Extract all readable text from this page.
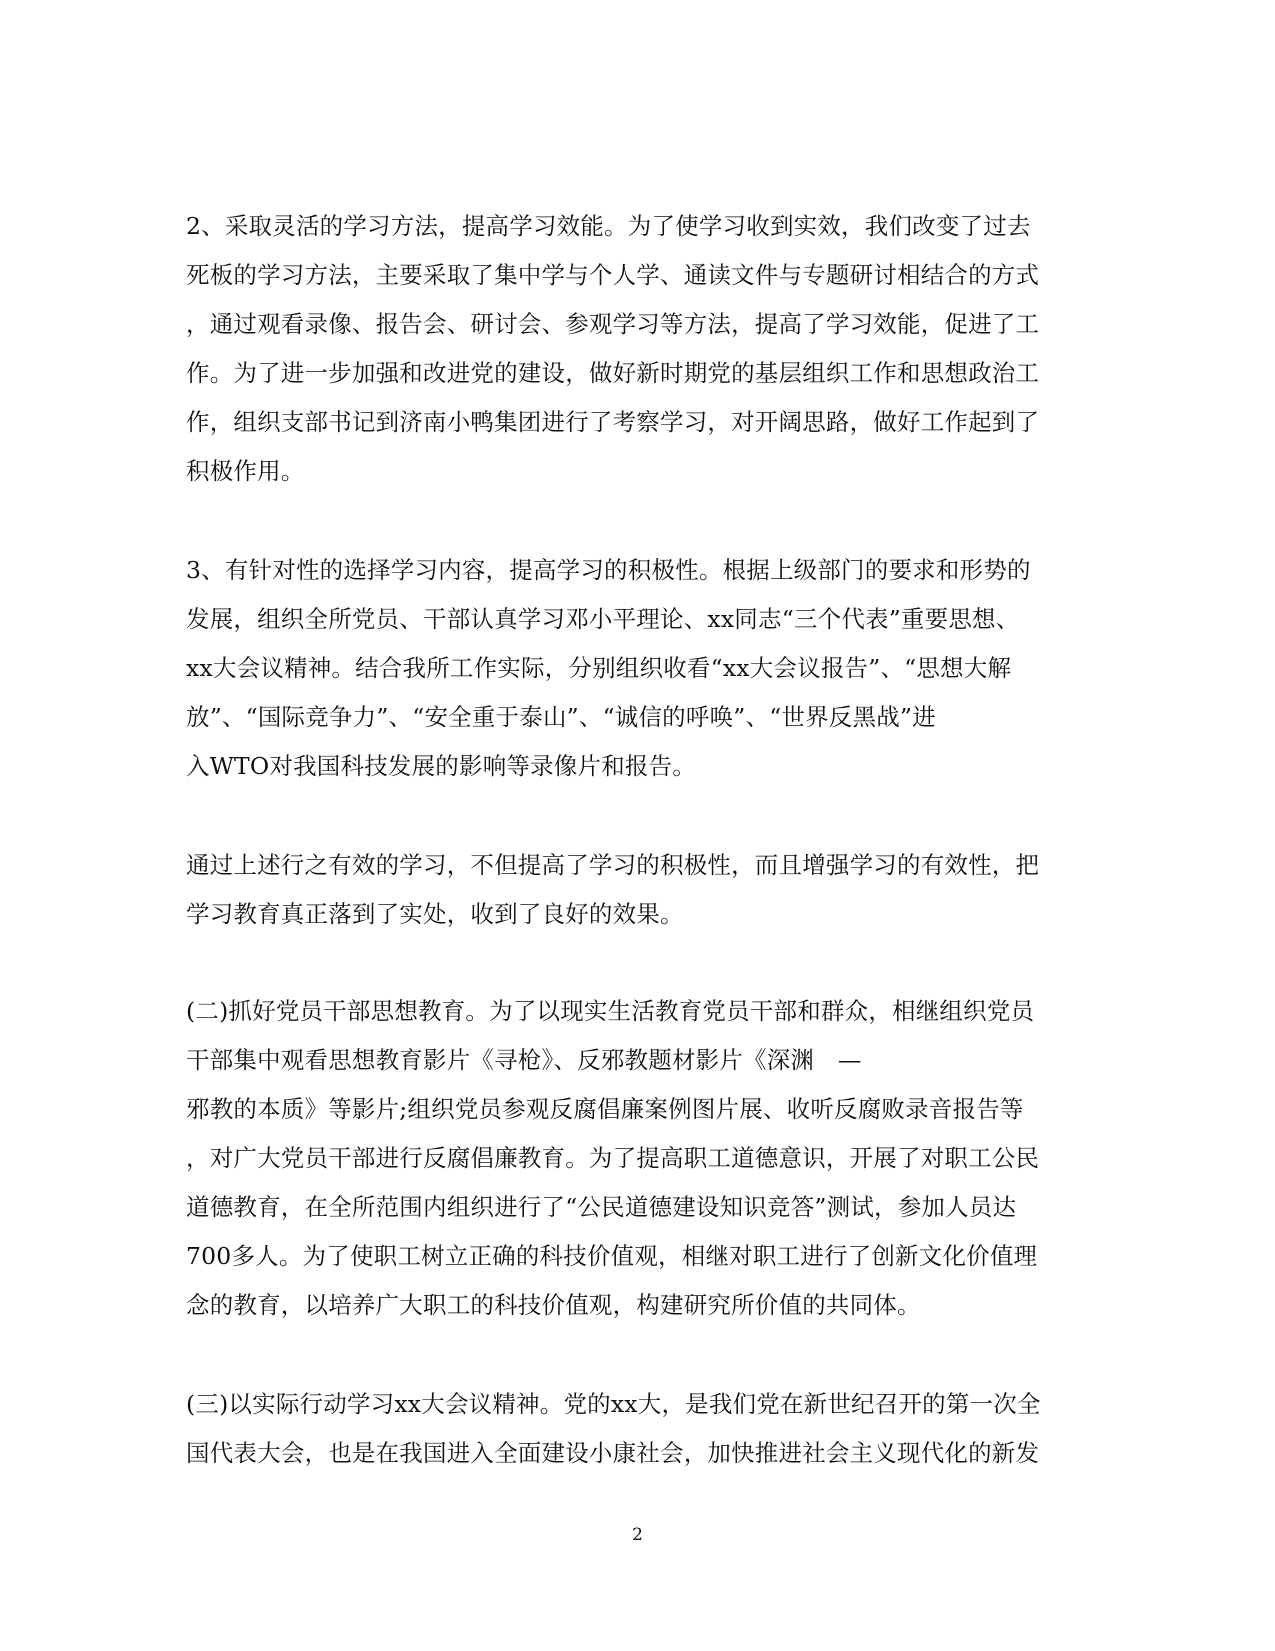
2、采取灵活的学习方法，提高学习效能。为了使学习收到实效，我们改变了过去
死板的学习方法，主要采取了集中学与个人学、通读文件与专题研讨相结合的方式
，通过观看录像、报告会、研讨会、参观学习等方法，提高了学习效能，促进了工
作。为了进一步加强和改进党的建设，做好新时期党的基层组织工作和思想政治工
作，组织支部书记到济南小鸭集团进行了考察学习，对开阔思路，做好工作起到了
积极作用。
3、有针对性的选择学习内容，提高学习的积极性。根据上级部门的要求和形势的
发展，组织全所党员、干部认真学习邓小平理论、xx同志“三个代表”重要思想、
xx大会议精神。结合我所工作实际，分别组织收看“xx大会议报告”、“思想大解
放”、“国际竞争力”、“安全重于泰山”、“诚信的呼唤”、“世界反黑战”进
入WTO对我国科技发展的影响等录像片和报告。
通过上述行之有效的学习，不但提高了学习的积极性，而且增强学习的有效性，把
学习教育真正落到了实处，收到了良好的效果。
(二)抓好党员干部思想教育。为了以现实生活教育党员干部和群众，相继组织党员
干部集中观看思想教育影片《寻枪》、反邪教题材影片《深渊　—
邪教的本质》等影片;组织党员参观反腐倡廉案例图片展、收听反腐败录音报告等
，对广大党员干部进行反腐倡廉教育。为了提高职工道德意识，开展了对职工公民
道德教育，在全所范围内组织进行了“公民道德建设知识竞答”测试，参加人员达
700多人。为了使职工树立正确的科技价值观，相继对职工进行了创新文化价值理
念的教育，以培养广大职工的科技价值观，构建研究所价值的共同体。
(三)以实际行动学习xx大会议精神。党的xx大，是我们党在新世纪召开的第一次全
国代表大会，也是在我国进入全面建设小康社会，加快推进社会主义现代化的新发
2
